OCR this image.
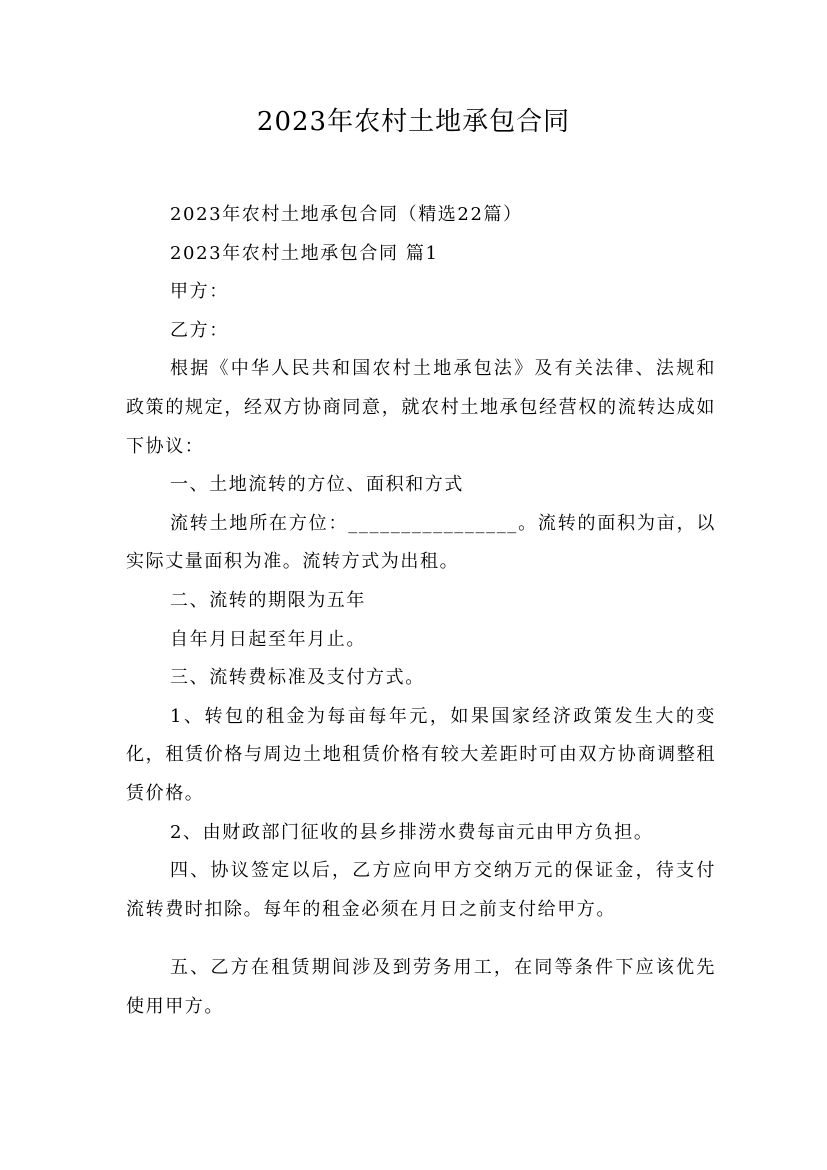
2023年农村土地承包合同

2023年农村土地承包合同（精选22篇）

2023年农村土地承包合同 篇1

甲方：

乙方：

根据《中华人民共和国农村土地承包法》及有关法律、法规和政策的规定，经双方协商同意，就农村土地承包经营权的流转达成如下协议：

一、土地流转的方位、面积和方式

流转土地所在方位：________________。流转的面积为亩，以实际丈量面积为准。流转方式为出租。

二、流转的期限为五年

自年月日起至年月止。

三、流转费标准及支付方式。

1、转包的租金为每亩每年元，如果国家经济政策发生大的变化，租赁价格与周边土地租赁价格有较大差距时可由双方协商调整租赁价格。

2、由财政部门征收的县乡排涝水费每亩元由甲方负担。

四、协议签定以后，乙方应向甲方交纳万元的保证金，待支付流转费时扣除。每年的租金必须在月日之前支付给甲方。

五、乙方在租赁期间涉及到劳务用工，在同等条件下应该优先使用甲方。
